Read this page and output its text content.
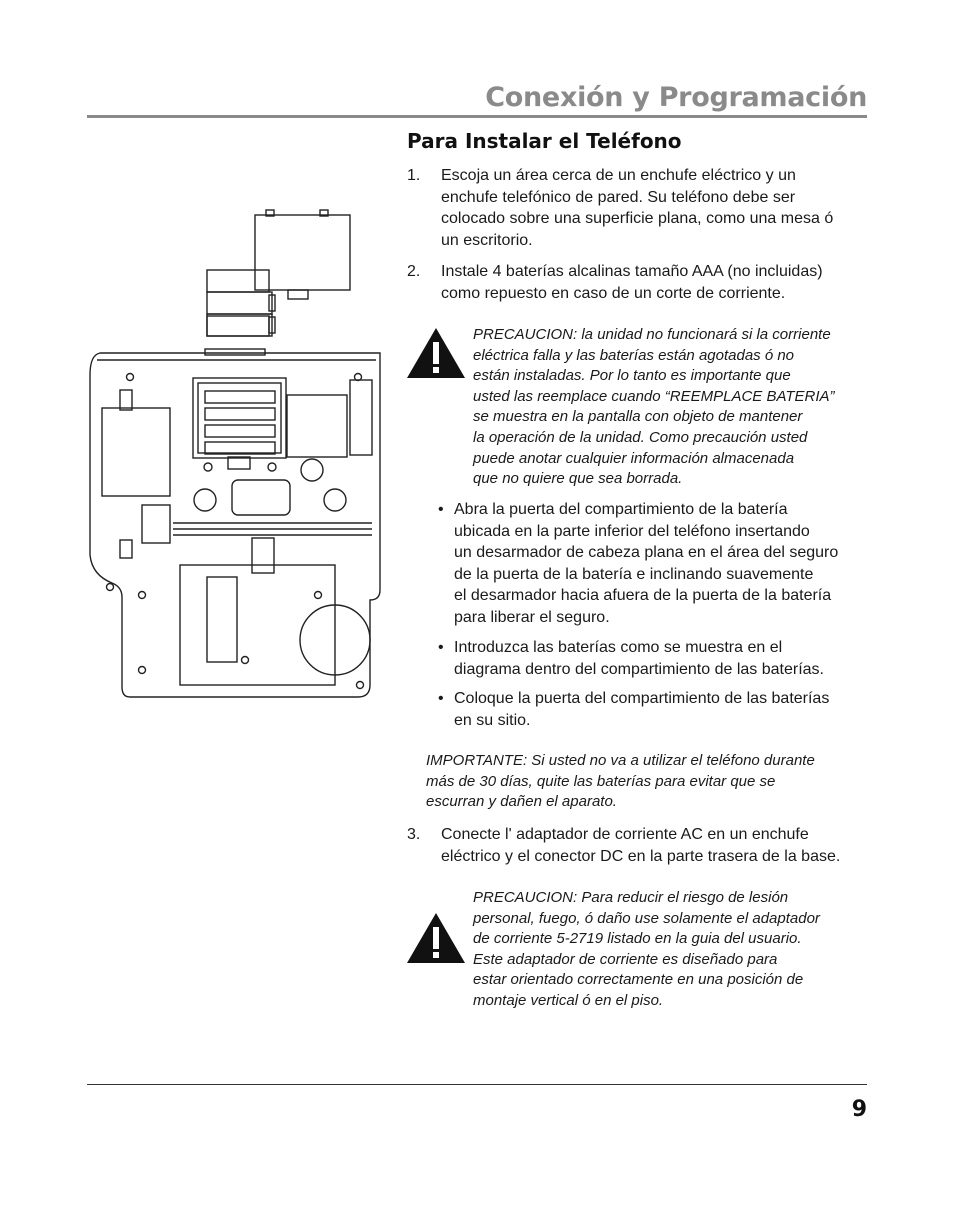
Conexión y Programación
Para Instalar el Teléfono
1. Escoja un área cerca de un enchufe eléctrico y un
enchufe telefónico de pared. Su teléfono debe ser
colocado sobre una superficie plana, como una mesa ó
un escritorio.
2. Instale 4 baterías alcalinas tamaño AAA (no incluidas)
como repuesto en caso de un corte de corriente.
PRECAUCION: la unidad no funcionará si la corriente
eléctrica falla y las baterías están agotadas ó no
están instaladas. Por lo tanto es importante que
usted las reemplace cuando “REEMPLACE BATERIA”
se muestra en la pantalla con objeto de mantener
la operación de la unidad. Como precaución usted
puede anotar cualquier información almacenada
que no quiere que sea borrada.
• Abra la puerta del compartimiento de la batería
ubicada en la parte inferior del teléfono insertando
un desarmador de cabeza plana en el área del seguro
de la puerta de la batería e inclinando suavemente
el desarmador hacia afuera de la puerta de la batería
para liberar el seguro.
• Introduzca las baterías como se muestra en el
diagrama dentro del compartimiento de las baterías.
• Coloque la puerta del compartimiento de las baterías
en su sitio.
IMPORTANTE: Si usted no va a utilizar el teléfono durante
más de 30 días, quite las baterías para evitar que se
escurran y dañen el aparato.
3. Conecte l' adaptador de corriente AC en un enchufe
eléctrico y el conector DC en la parte trasera de la base.
PRECAUCION: Para reducir el riesgo de lesión
personal, fuego, ó daño use solamente el adaptador
de corriente 5-2719 listado en la guia del usuario.
Este adaptador de corriente es diseñado para
estar orientado correctamente en una posición de
montaje vertical ó en el piso.
9
